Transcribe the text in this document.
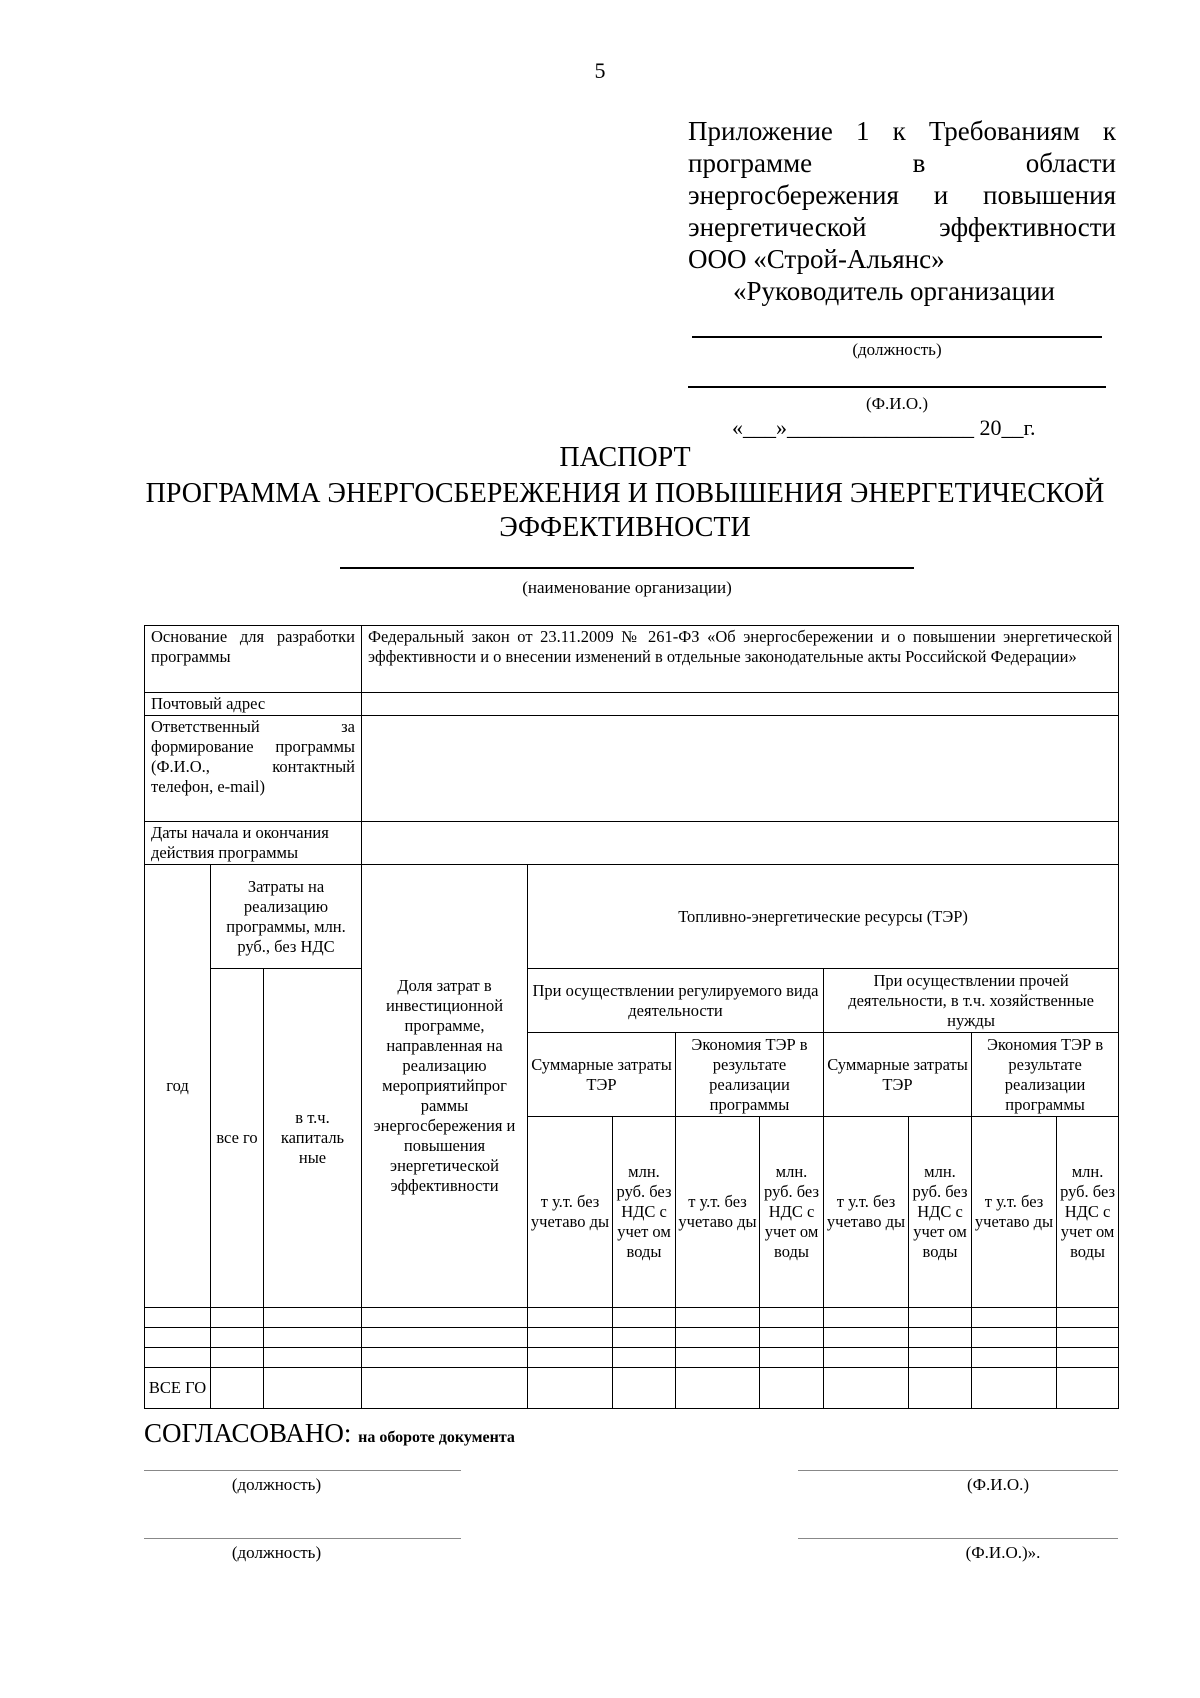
5
Приложение 1 к Требованиям к
программе в области
энергосбережения и повышения
энергетической эффективности
ООО «Строй-Альянс»
«Руководитель организации
(должность)
(Ф.И.О.)
«___»_________________ 20__г.
ПАСПОРТ
ПРОГРАММА ЭНЕРГОСБЕРЕЖЕНИЯ И ПОВЫШЕНИЯ ЭНЕРГЕТИЧЕСКОЙ
ЭФФЕКТИВНОСТИ
(наименование организации)
Основание для разработки программы			Федеральный закон от 23.11.2009 № 261-ФЗ «Об энергосбережении и о повышении энергетической эффективности и о внесении изменений в отдельные законодательные акты Российской Федерации»								
Почтовый адрес											
Ответственный за формирование программы (Ф.И.О., контактный телефон, e-mail)											
Даты начала и окончания действия программы											
год	Затраты на реализацию программы, млн. руб., без НДС		Доля затрат в инвестиционной программе, направленная на реализацию мероприятийпрог раммы энергосбережения и повышения энергетической эффективности	Топливно-энергетические ресурсы (ТЭР)							
	все го	в т.ч. капиталь ные		При осуществлении регулируемого вида деятельности				При осуществлении прочей деятельности, в т.ч. хозяйственные нужды			
				Суммарные затраты ТЭР		Экономия ТЭР в результате реализации программы		Суммарные затраты ТЭР		Экономия ТЭР в результате реализации программы	
				т у.т. без учетаво ды	млн. руб. без НДС с учет ом воды	т у.т. без учетаво ды	млн. руб. без НДС с учет ом воды	т у.т. без учетаво ды	млн. руб. без НДС с учет ом воды	т у.т. без учетаво ды	млн. руб. без НДС с учет ом воды

ВСЕ ГО											
СОГЛАСОВАНО: на обороте документа
(должность)	(Ф.И.О.)
(должность)	(Ф.И.О.)».
